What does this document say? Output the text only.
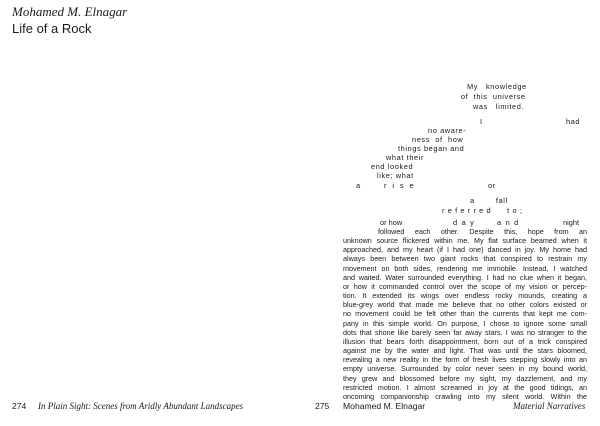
Mohamed M. Elnagar
Life of a Rock
My   knowledge
of  this  universe
was   limited.
I	had
no aware-
ness  of  how
things began and
what their
end looked
like; what
a	r  i  s  e	or
a        fall
r e f e r r e d      t o ;
or how	d a y	a n d	night
followed each other. Despite this, hope from an
unknown source flickered within me. My flat surface beamed when it
approached, and my heart (if I had one) danced in joy. My home had
always been between two giant rocks that conspired to restrain my
movement on both sides, rendering me immobile. Instead, I watched
and waited. Water surrounded everything. I had no clue when it began,
or how it commanded control over the scope of my vision or percep-
tion. It extended its wings over endless rocky mounds, creating a
blue-grey world that made me believe that no other colors existed or
no movement could be felt other than the currents that kept me com-
pany in this simple world. On purpose, I chose to ignore some small
dots that shone like barely seen far away stars. I was no stranger to the
illusion that bears forth disappointment, born out of a trick conspired
against me by the water and light. That was until the stars bloomed,
revealing a new reality in the form of fresh lives stepping slowly into an
empty universe. Surrounded by color never seen in my bound world,
they grew and blossomed before my sight, my dazzlement, and my
restricted motion. I almost screamed in joy at the good tidings, an
oncoming companionship crawling into my silent world. Within the
274 In Plain Sight: Scenes from Aridly Abundant Landscapes	275 Mohamed M. Elnagar	Material Narratives
